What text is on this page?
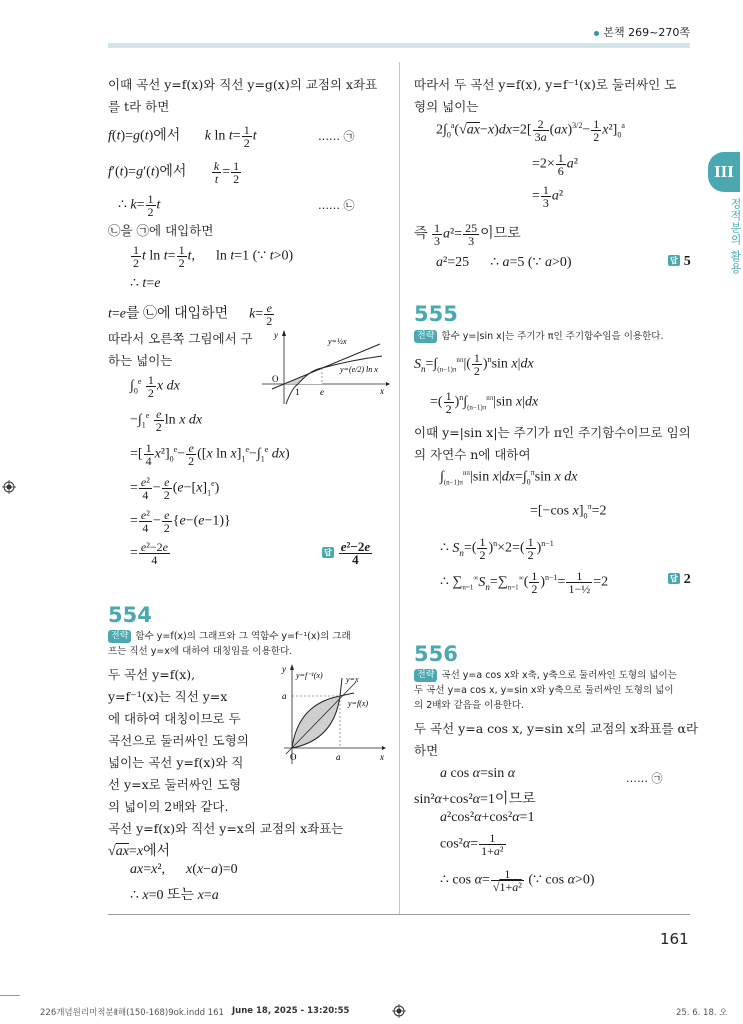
본책 269~270쪽
III
정적분의 활용
161
226개념원리미적분Ⅱ해(150-168)9ok.indd 161 June 18, 2025 - 13:20:55	25. 6. 18. 오
이때 곡선 y=f(x)와 직선 y=g(x)의 교점의 x좌표
를 t라 하면
f(t)=g(t)에서       k $\ln t= \frac{1}{2}$ t	…… ㉠
f′(t)=g′(t)에서 $\frac{k}{t} = \frac{1}{2}$
∴ $k= \frac{1}{2}$ t	…… ㉡
㉡을 ㉠에 대입하면
$\frac{1}{2}$ t $\ln t= \frac{1}{2} t$,      ln t=1 (∵ t>0)
∴ t=e
t=e를 ㉡에 대입하면      $k= \frac{e}{2}$
따라서 오른쪽 그림에서 구
하는 넓이는
$\int_0^e \frac{1}{2}$ x dx
$-\int_1^e \frac{e}{2}$ ln x dx
=[ $\frac{1}{4} x^2]_0^e- \frac{e}{2} ([x$ $\ln x]_1^e-\int_1^e$ dx)
= $\frac{\text{e²}}{4} - \frac{e}{2} (e-[x]_1^e)$
= $\frac{\text{e²}}{4} - \frac{e}{2} \{e-(e-1)\}$
= $\frac{\text{e²−2e}}{4}$	답 $\frac{\text{e²−2e}}{4}$
y
x
O
1 e
y=½x
y=(e/2) ln x
554
전략 함수 y=f(x)의 그래프와 그 역함수 y=f⁻¹(x)의 그래
프는 직선 y=x에 대하여 대칭임을 이용한다.
두 곡선 y=f(x),
y=f⁻¹(x)는 직선 y=x
에 대하여 대칭이므로 두
곡선으로 둘러싸인 도형의
넓이는 곡선 y=f(x)와 직
선 y=x로 둘러싸인 도형
의 넓이의 2배와 같다.
곡선 y=f(x)와 직선 y=x의 교점의 x좌표는
√ax=x에서
ax=x²,      x(x−a)=0
∴ x=0 또는 x=a
y
x
O	a
a
y=f⁻¹(x)	y=x
y=f(x)
따라서 두 곡선 y=f(x), y=f⁻¹(x)로 둘러싸인 도
형의 넓이는
$2\int_0^a(√ax-x)dx=2[ \frac{2}{3a} (ax)^{3/2}- \frac{1}{2} x^2]_0^a$
$=2\times \frac{1}{6} a^2$
= $\frac{1}{3} a^2$
즉 $\frac{1}{3} a^2= \frac{25}{3}$ 이므로
a²=25      ∴ a=5 (∵ a>0)	답 5
555
전략 함수 y=|sin x|는 주기가 π인 주기함수임을 이용한다.
$S_n=\int_{(n-1)\pi}^{n\pi}|( \frac{1}{2} )^n\sin$ x|dx
=( $\frac{1}{2} )^n\int_{(n-1)\pi}^{n\pi}|\sin$ x|dx
이때 y=|sin x|는 주기가 π인 주기함수이므로 임의
의 자연수 n에 대하여
$\int_{(n-1)\pi}^{n\pi}|\sin$ $x|dx=\int_0^\pi\sin$ x dx
=[−cos $x]_0^\pi=2$
∴ $S_n=( \frac{1}{2} )^n\times 2=( \frac{1}{2} )^{n-1}$
∴ $\sum_{n=1}^\infty S_n=\sum_{n=1}^\infty( \frac{1}{2} )^{n-1}= \frac{1}{\text{1−½}} =2$	답 2
556
전략 곡선 y=a cos x와 x축, y축으로 둘러싸인 도형의 넓이는
두 곡선 y=a cos x, y=sin x와 y축으로 둘러싸인 도형의 넓이
의 2배와 같음을 이용한다.
두 곡선 y=a cos x, y=sin x의 교점의 x좌표를 α라
하면
a cos α=sin α	…… ㉠
sin²α+cos²α=1이므로
a²cos²α+cos²α=1
$\cos^2\alpha= \frac{1}{\text{1+a²}}$
∴ $\cos \alpha= \frac{1}{\text{√1+a²}}$ (∵ cos α>0)
